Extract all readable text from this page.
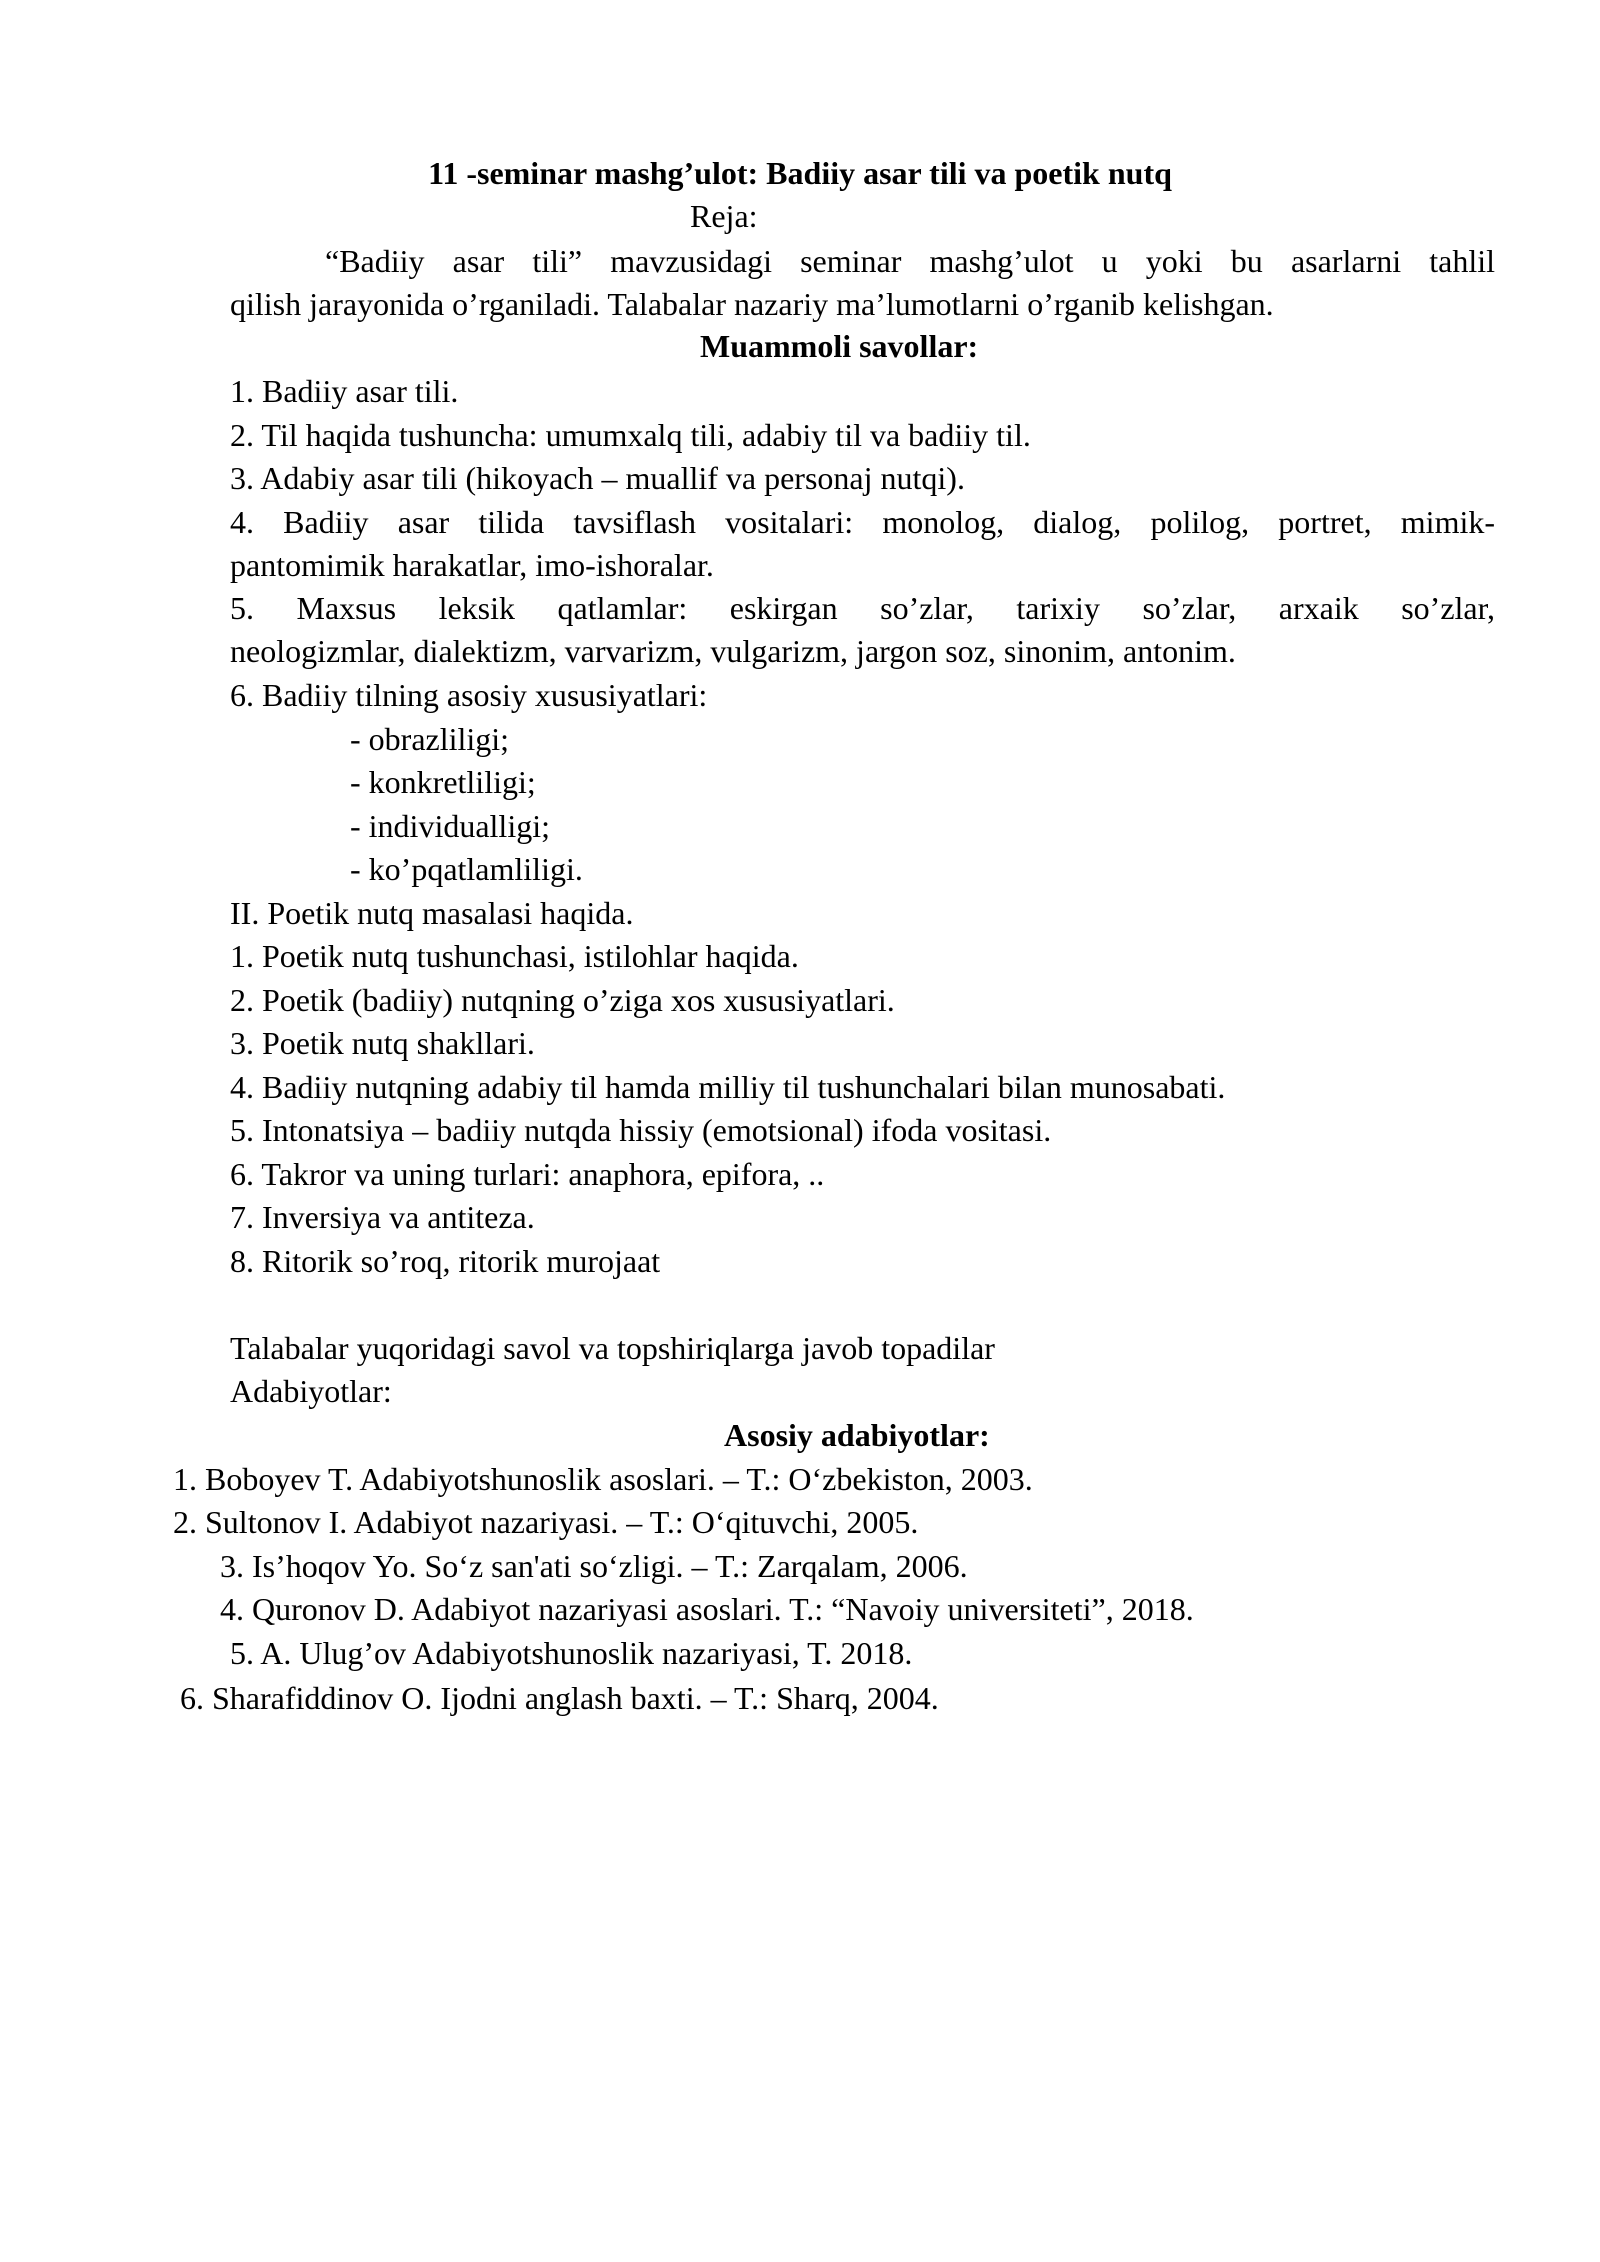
11 -seminar mashg’ulot: Badiiy asar tili va poetik nutq

Reja:

“Badiiy asar tili” mavzusidagi seminar mashg’ulot u yoki bu asarlarni tahlil

qilish jarayonida o’rganiladi. Talabalar nazariy ma’lumotlarni o’rganib kelishgan.

Muammoli savollar:

1. Badiiy asar tili.

2. Til haqida tushuncha: umumxalq tili, adabiy til va badiiy til.

3. Adabiy asar tili (hikoyach – muallif va personaj nutqi).

4. Badiiy asar tilida tavsiflash vositalari: monolog, dialog, polilog, portret, mimik-

pantomimik harakatlar, imo-ishoralar.

5. Maxsus leksik qatlamlar: eskirgan so’zlar, tarixiy so’zlar, arxaik so’zlar,

neologizmlar, dialektizm, varvarizm, vulgarizm, jargon soz, sinonim, antonim.

6. Badiiy tilning asosiy xususiyatlari:

- obrazliligi;

- konkretliligi;

- individualligi;

- ko’pqatlamliligi.

II. Poetik nutq masalasi haqida.

1. Poetik nutq tushunchasi, istilohlar haqida.

2. Poetik (badiiy) nutqning o’ziga xos xususiyatlari.

3. Poetik nutq shakllari.

4. Badiiy nutqning adabiy til hamda milliy til tushunchalari bilan munosabati.

5. Intonatsiya – badiiy nutqda hissiy (emotsional) ifoda vositasi.

6. Takror va uning turlari: anaphora, epifora, ..

7. Inversiya va antiteza.

8. Ritorik so’roq, ritorik murojaat

Talabalar yuqoridagi savol va topshiriqlarga javob topadilar

Adabiyotlar:

Asosiy adabiyotlar:

1. Boboyev T. Adabiyotshunoslik asoslari. – T.: O‘zbekiston, 2003.

2. Sultonov I. Adabiyot nazariyasi. – T.: O‘qituvchi, 2005.

3. Is’hoqov Yo. So‘z san'ati so‘zligi. – T.: Zarqalam, 2006.

4. Quronov D. Adabiyot nazariyasi asoslari. T.: “Navoiy universiteti”, 2018.

5. A. Ulug’ov Adabiyotshunoslik nazariyasi, T. 2018.

6. Sharafiddinov O. Ijodni anglash baxti. – T.: Sharq, 2004.
